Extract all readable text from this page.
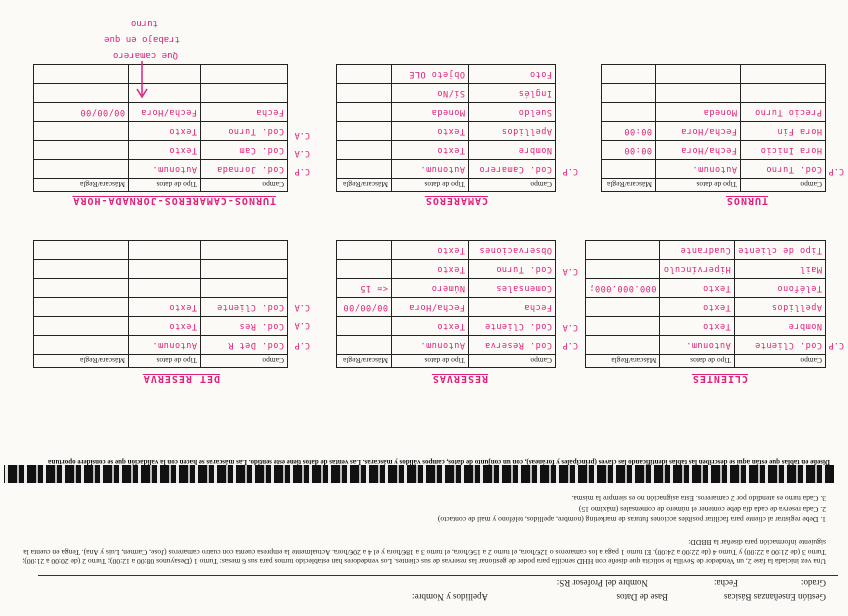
Gestión Enseñanzas Básicas
Base de Datos
Apellidos y Nombre:
Grado:
Fecha:
Nombre del Profesor RS:

Una vez iniciada la fase 2, un Vendedor de Sevilla le solicita que diseñe con HHD sencilla para poder de gestionar las reservas de sus clientes. Los vendedores han establecido turnos para sus 6 mesas: Turno 1 (Desayunos 08:00 a 12:00); Turno 2 (de 20:00 a 21:00); Turno 3 (de 21:00 a 22:00) y Turno 4 (de 22:00 a 24:00). El turno 1 paga a los camareros o 12€/hora, el turno 2 a 15€/hora, el turno 3 a 18€/hora y el 4 a 20€/hora. Actualmente la empresa cuenta con cuatro camareros (Jose, Carmen, Luis y Ana). Tenga en cuenta la siguiente información para diseñar la BBDD:

1. Debe registrar al cliente para facilitar posibles acciones futuras de marketing (nombre, apellidos, teléfono y mail de contacto)
2. Cada reserva de cada día debe contener el número de comensales (máximo 15)
3. Cada turno es atendido por 2 camareros. Esta asignación no es siempre la misma.
Diseñe en tablas que están aquí se describen las tablas identificando las claves (principales y foráneas), con un conjunto de datos, campos válidos y máscaras. Las ventas de datos tiene este sentido. Las máscaras se hacen con la validación que se considere oportuna
CLIENTES
Campo	Tipo de datos	Máscara/Regla
Cod. Cliente	Autonum.	
Nombre	Texto	
Apellidos	Texto	
Teléfono	Texto	000.000.000;
Mail	Hipervínculo	
Tipo de cliente	Cuadrante	
C.P
RESERVAS
Campo	Tipo de datos	Máscara/Regla
Cod. Reserva	Autonum.	
Cod. Cliente	Texto	
Fecha	Fecha/Hora	00/00/00
Comensales	Número	<= 15
Cod. Turno	Texto	
Observaciones	Texto	
C.P
C.A
C.A
DET RESERVA
Campo	Tipo de datos	Máscara/Regla
Cod. Det R	Autonum.	
Cod. Res	Texto	
Cod. Cliente	Texto	

C.P
C.A
C.A
TURNOS
Campo	Tipo de datos	Máscara/Regla
Cod. Turno	Autonum.	
Hora Inicio	Fecha/Hora	00:00
Hora Fin	Fecha/Hora	00:00
Precio Turno	Moneda	

C.P
CAMAREROS
Campo	Tipo de datos	Máscara/Regla
Cod. Camarero	Autonum.	
Nombre	Texto	
Apellidos	Texto	
Sueldo	Moneda	
Inglés	Sí/No	
Foto	Objeto OLE	
C.P
TURNOS-CAMAREROS-JORNADA-HORA
Campo	Tipo de datos	Máscara/Regla
Cod. Jornada	Autonum.	
Cod. Cam	Texto	
Cod. Turno	Texto	
Fecha	Fecha/Hora	00/00/00

C.P
C.A
C.A
Que camarero
trabajo en que
turno
